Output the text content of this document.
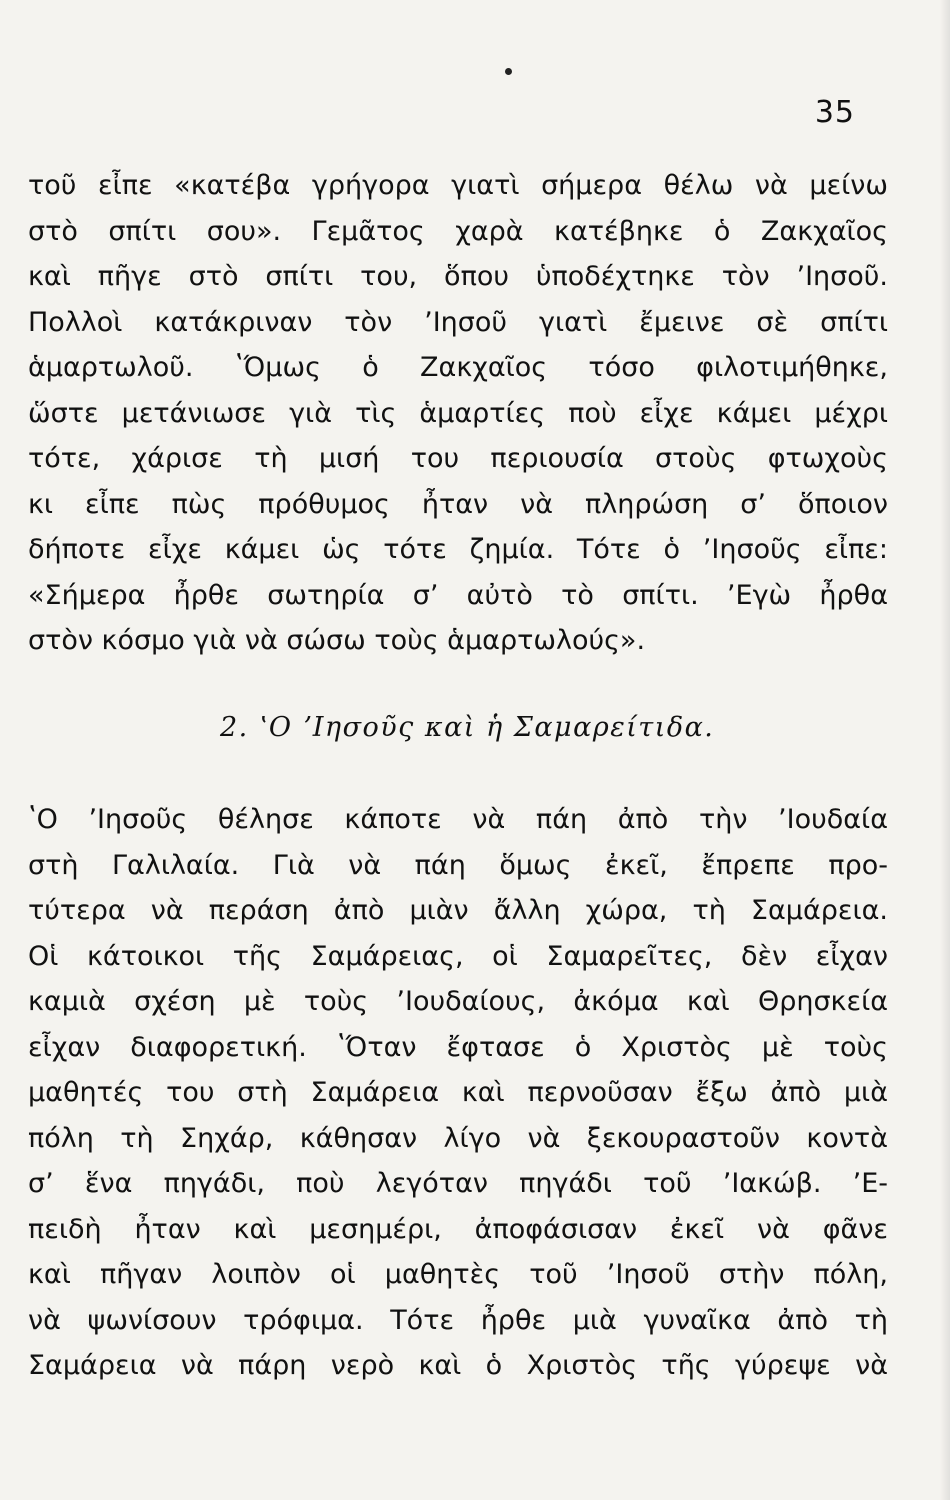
35
τοῦ εἶπε «κατέβα γρήγορα γιατὶ σήμερα θέλω νὰ μείνω
στὸ σπίτι σου». Γεμᾶτος χαρὰ κατέβηκε ὁ Ζακχαῖος
καὶ πῆγε στὸ σπίτι του, ὅπου ὑποδέχτηκε τὸν ʼΙησοῦ.
Πολλοὶ κατάκριναν τὸν ʼΙησοῦ γιατὶ ἔμεινε σὲ σπίτι
ἁμαρτωλοῦ. ʽΌμως ὁ Ζακχαῖος τόσο φιλοτιμήθηκε,
ὥστε μετάνιωσε γιὰ τὶς ἁμαρτίες ποὺ εἶχε κάμει μέχρι
τότε, χάρισε τὴ μισή του περιουσία στοὺς φτωχοὺς
κι εἶπε πὼς πρόθυμος ἦταν νὰ πληρώση σʼ ὅποιον
δήποτε εἶχε κάμει ὡς τότε ζημία. Τότε ὁ ʼΙησοῦς εἶπε:
«Σήμερα ἦρθε σωτηρία σʼ αὐτὸ τὸ σπίτι. ʼΕγὼ ἦρθα
στὸν κόσμο γιὰ νὰ σώσω τοὺς ἁμαρτωλούς».
2. ʽΟ ʼΙησοῦς καὶ ἡ Σαμαρείτιδα.
ʽΟ ʼΙησοῦς θέλησε κάποτε νὰ πάη ἀπὸ τὴν ʼΙουδαία
στὴ Γαλιλαία. Γιὰ νὰ πάη ὅμως ἐκεῖ, ἔπρεπε προ-
τύτερα νὰ περάση ἀπὸ μιὰν ἄλλη χώρα, τὴ Σαμάρεια.
Οἱ κάτοικοι τῆς Σαμάρειας, οἱ Σαμαρεῖτες, δὲν εἶχαν
καμιὰ σχέση μὲ τοὺς ʼΙουδαίους, ἀκόμα καὶ Θρησκεία
εἶχαν διαφορετική. ʽΌταν ἔφτασε ὁ Χριστὸς μὲ τοὺς
μαθητές του στὴ Σαμάρεια καὶ περνοῦσαν ἔξω ἀπὸ μιὰ
πόλη τὴ Σηχάρ, κάθησαν λίγο νὰ ξεκουραστοῦν κοντὰ
σʼ ἕνα πηγάδι, ποὺ λεγόταν πηγάδι τοῦ ʼΙακώβ. ʼΕ-
πειδὴ ἦταν καὶ μεσημέρι, ἀποφάσισαν ἐκεῖ νὰ φᾶνε
καὶ πῆγαν λοιπὸν οἱ μαθητὲς τοῦ ʼΙησοῦ στὴν πόλη,
νὰ ψωνίσουν τρόφιμα. Τότε ἦρθε μιὰ γυναῖκα ἀπὸ τὴ
Σαμάρεια νὰ πάρη νερὸ καὶ ὁ Χριστὸς τῆς γύρεψε νὰ
